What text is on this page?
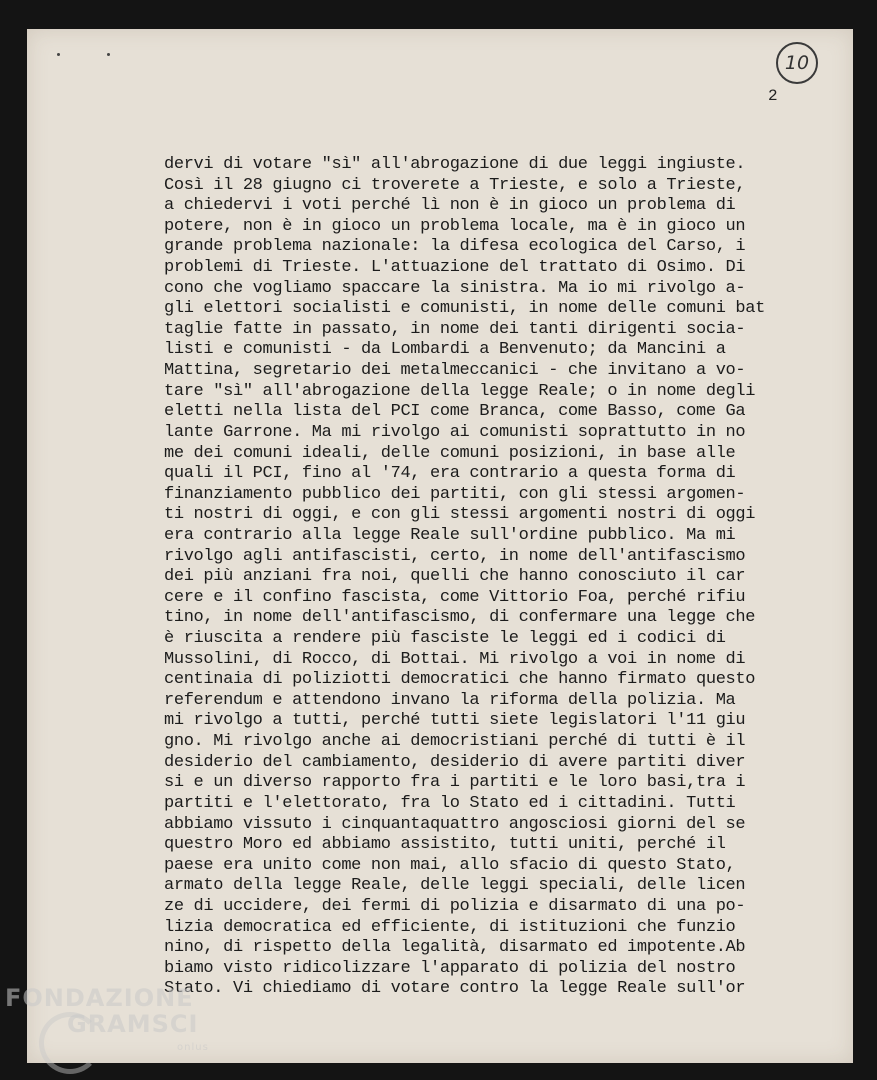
10
2
dervi di votare "sì" all'abrogazione di due leggi ingiuste.
Così il 28 giugno ci troverete a Trieste, e solo a Trieste,
a chiedervi i voti perché lì non è in gioco un problema di
potere, non è in gioco un problema locale, ma è in gioco un
grande problema nazionale: la difesa ecologica del Carso, i
problemi di Trieste. L'attuazione del trattato di Osimo. Di
cono che vogliamo spaccare la sinistra. Ma io mi rivolgo a-
gli elettori socialisti e comunisti, in nome delle comuni bat
taglie fatte in passato, in nome dei tanti dirigenti socia-
listi e comunisti - da Lombardi a Benvenuto; da Mancini a
Mattina, segretario dei metalmeccanici - che invitano a vo-
tare "sì" all'abrogazione della legge Reale; o in nome degli
eletti nella lista del PCI come Branca, come Basso, come Ga
lante Garrone. Ma mi rivolgo ai comunisti soprattutto in no
me dei comuni ideali, delle comuni posizioni, in base alle
quali il PCI, fino al '74, era contrario a questa forma di
finanziamento pubblico dei partiti, con gli stessi argomen-
ti nostri di oggi, e con gli stessi argomenti nostri di oggi
era contrario alla legge Reale sull'ordine pubblico. Ma mi
rivolgo agli antifascisti, certo, in nome dell'antifascismo
dei più anziani fra noi, quelli che hanno conosciuto il car
cere e il confino fascista, come Vittorio Foa, perché rifiu
tino, in nome dell'antifascismo, di confermare una legge che
è riuscita a rendere più fasciste le leggi ed i codici di
Mussolini, di Rocco, di Bottai. Mi rivolgo a voi in nome di
centinaia di poliziotti democratici che hanno firmato questo
referendum e attendono invano la riforma della polizia. Ma
mi rivolgo a tutti, perché tutti siete legislatori l'11 giu
gno. Mi rivolgo anche ai democristiani perché di tutti è il
desiderio del cambiamento, desiderio di avere partiti diver
si e un diverso rapporto fra i partiti e le loro basi,tra i
partiti e l'elettorato, fra lo Stato ed i cittadini. Tutti
abbiamo vissuto i cinquantaquattro angosciosi giorni del se
questro Moro ed abbiamo assistito, tutti uniti, perché il
paese era unito come non mai, allo sfacio di questo Stato,
armato della legge Reale, delle leggi speciali, delle licen
ze di uccidere, dei fermi di polizia e disarmato di una po-
lizia democratica ed efficiente, di istituzioni che funzio
nino, di rispetto della legalità, disarmato ed impotente.Ab
biamo visto ridicolizzare l'apparato di polizia del nostro
Stato. Vi chiediamo di votare contro la legge Reale sull'or
FONDAZIONE
GRAMSCI
onlus
